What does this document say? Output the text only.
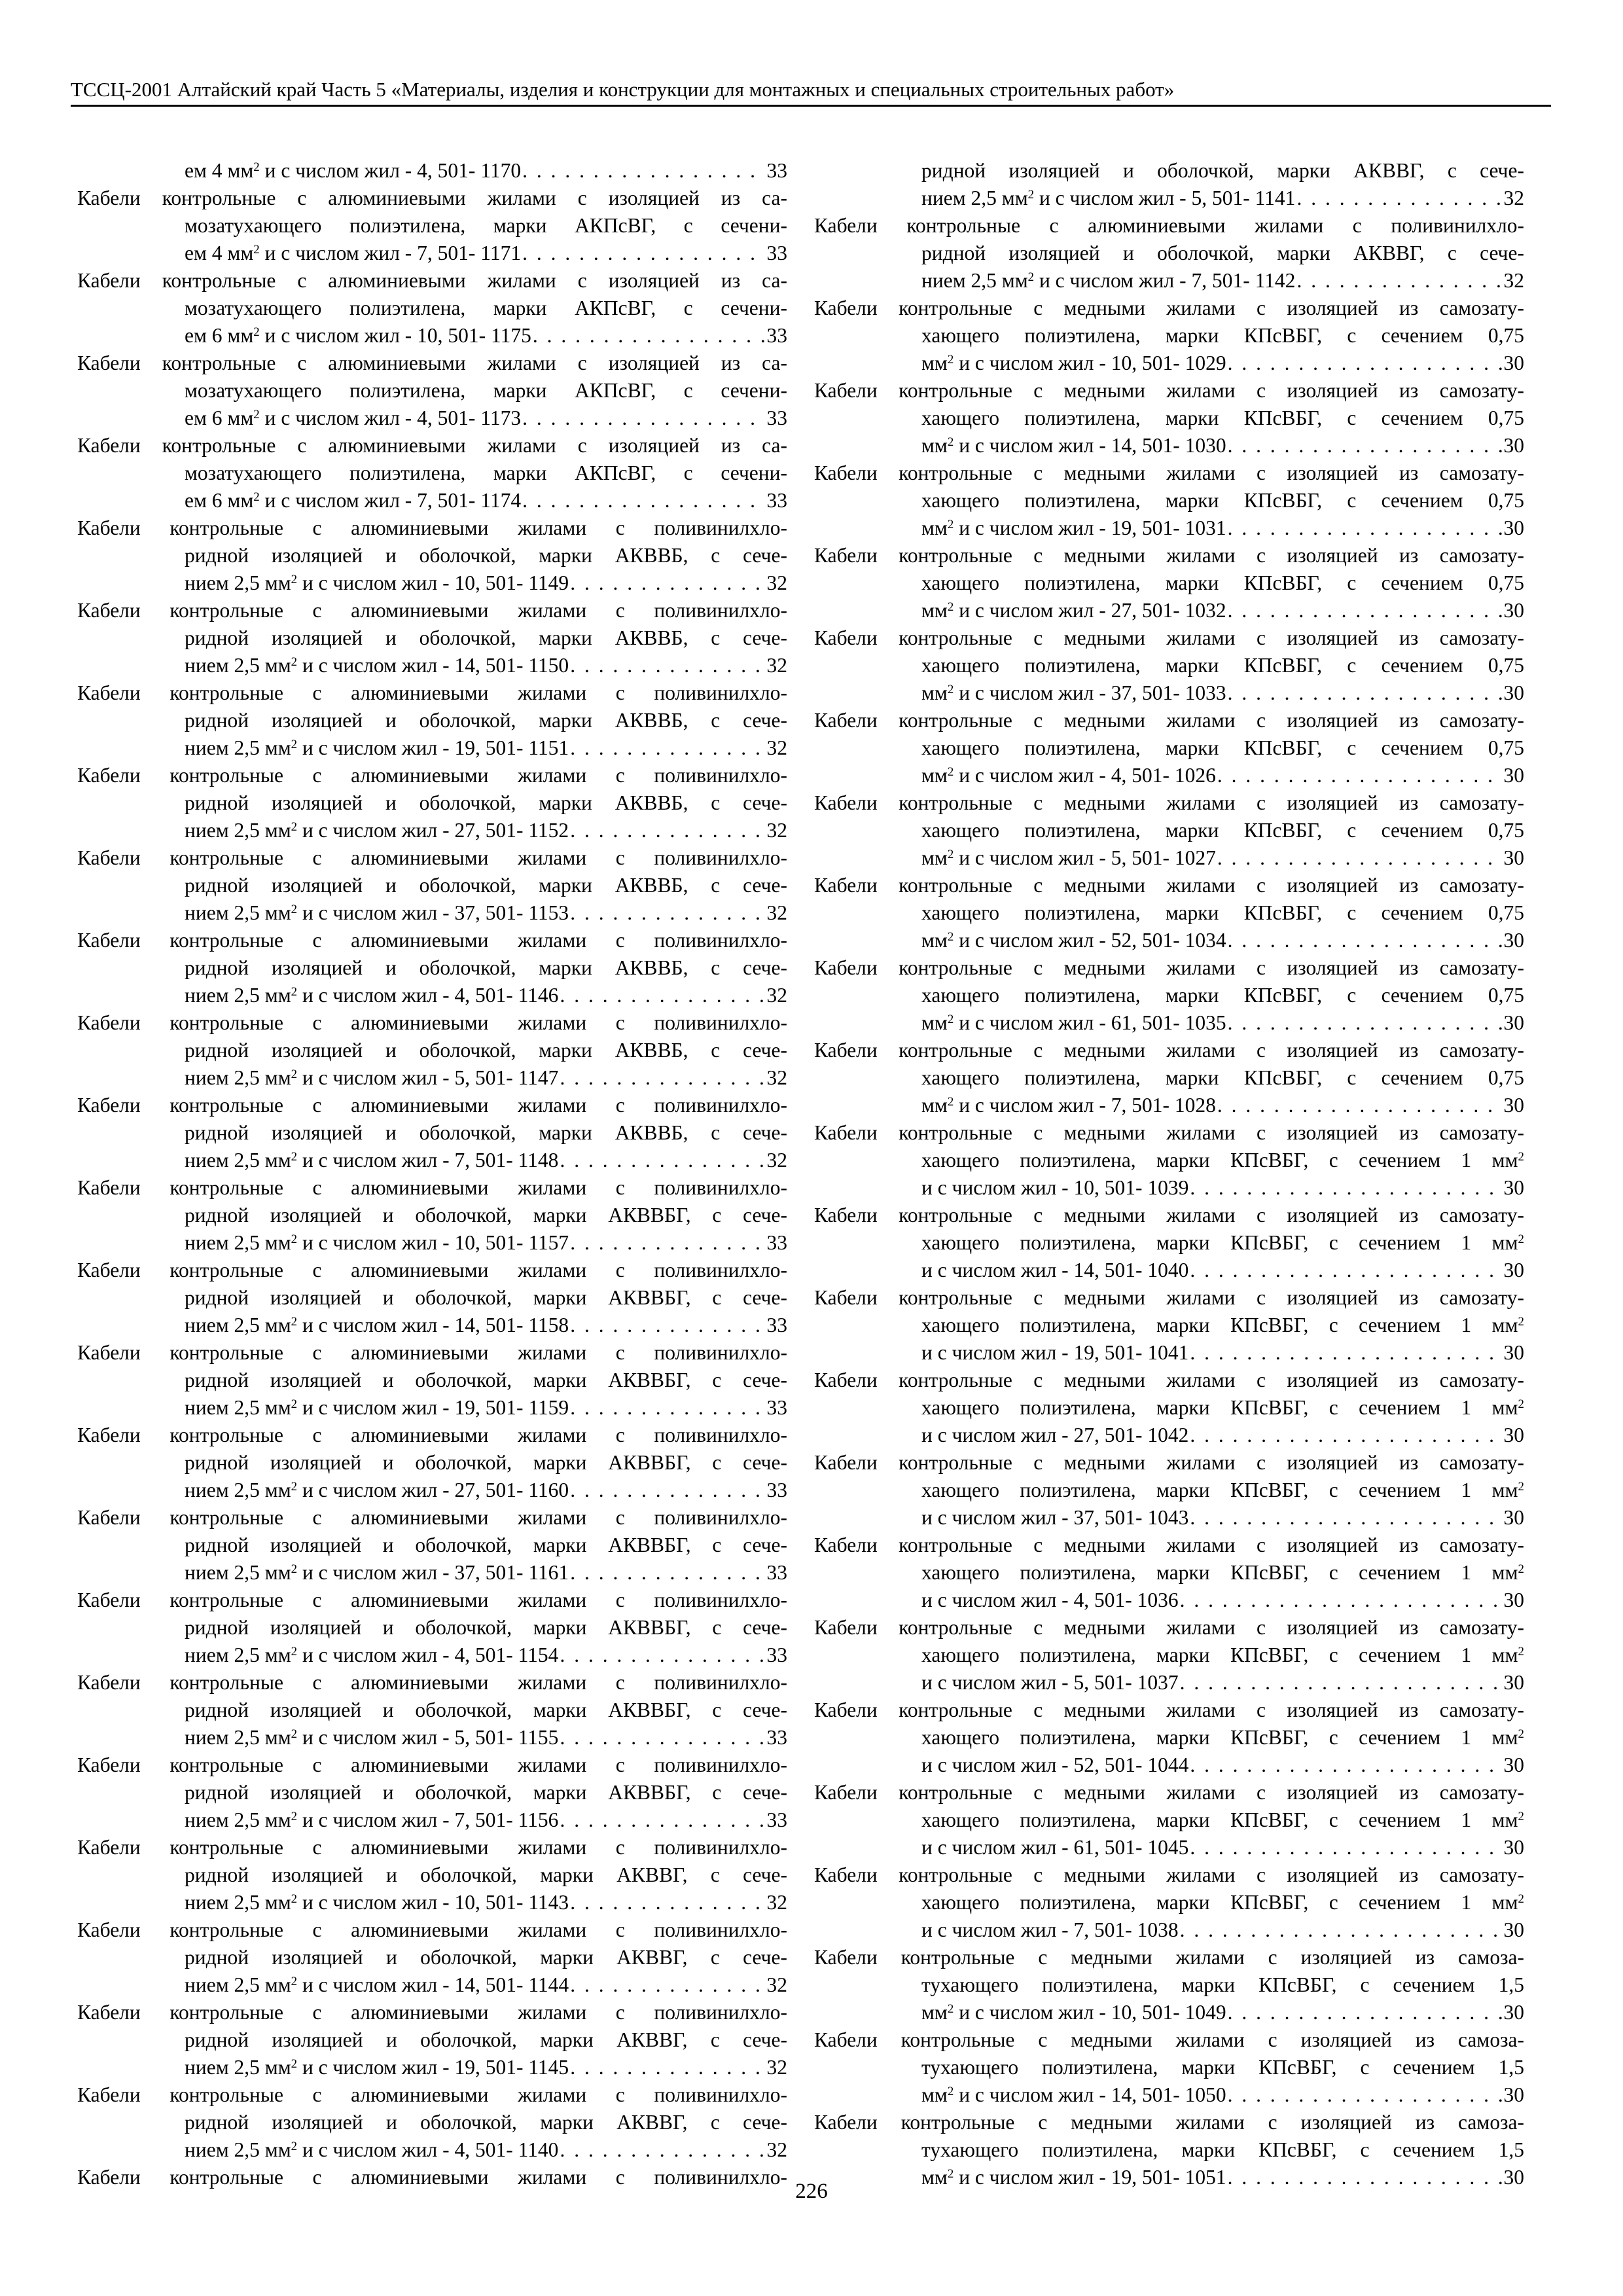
ТССЦ-2001 Алтайский край Часть 5 «Материалы, изделия и конструкции для монтажных и специальных строительных работ»
ем 4 $мм^2$ и с числом жил - 4, 501- 1170 . . .	33
Кабели контрольные с алюминиевыми жилами с изоляцией из са-
мозатухающего полиэтилена, марки АКПсВГ, с сечени-
ем 4 $мм^2$ и с числом жил - 7, 501- 1171 . . .	33
Кабели контрольные с алюминиевыми жилами с изоляцией из са-
мозатухающего полиэтилена, марки АКПсВГ, с сечени-
ем 6 $мм^2$ и с числом жил - 10, 501- 1175 . . .	33
Кабели контрольные с алюминиевыми жилами с изоляцией из са-
мозатухающего полиэтилена, марки АКПсВГ, с сечени-
ем 6 $мм^2$ и с числом жил - 4, 501- 1173 . . .	33
Кабели контрольные с алюминиевыми жилами с изоляцией из са-
мозатухающего полиэтилена, марки АКПсВГ, с сечени-
ем 6 $мм^2$ и с числом жил - 7, 501- 1174 . . .	33
Кабели контрольные с алюминиевыми жилами с поливинилхло-
ридной изоляцией и оболочкой, марки АКВВБ, с сече-
нием 2,5 $мм^2$ и с числом жил - 10, 501- 1149 . . .	32
Кабели контрольные с алюминиевыми жилами с поливинилхло-
ридной изоляцией и оболочкой, марки АКВВБ, с сече-
нием 2,5 $мм^2$ и с числом жил - 14, 501- 1150 . . .	32
Кабели контрольные с алюминиевыми жилами с поливинилхло-
ридной изоляцией и оболочкой, марки АКВВБ, с сече-
нием 2,5 $мм^2$ и с числом жил - 19, 501- 1151 . . .	32
Кабели контрольные с алюминиевыми жилами с поливинилхло-
ридной изоляцией и оболочкой, марки АКВВБ, с сече-
нием 2,5 $мм^2$ и с числом жил - 27, 501- 1152 . . .	32
Кабели контрольные с алюминиевыми жилами с поливинилхло-
ридной изоляцией и оболочкой, марки АКВВБ, с сече-
нием 2,5 $мм^2$ и с числом жил - 37, 501- 1153 . . .	32
Кабели контрольные с алюминиевыми жилами с поливинилхло-
ридной изоляцией и оболочкой, марки АКВВБ, с сече-
нием 2,5 $мм^2$ и с числом жил - 4, 501- 1146 . . .	32
Кабели контрольные с алюминиевыми жилами с поливинилхло-
ридной изоляцией и оболочкой, марки АКВВБ, с сече-
нием 2,5 $мм^2$ и с числом жил - 5, 501- 1147 . . .	32
Кабели контрольные с алюминиевыми жилами с поливинилхло-
ридной изоляцией и оболочкой, марки АКВВБ, с сече-
нием 2,5 $мм^2$ и с числом жил - 7, 501- 1148 . . .	32
Кабели контрольные с алюминиевыми жилами с поливинилхло-
ридной изоляцией и оболочкой, марки АКВВБГ, с сече-
нием 2,5 $мм^2$ и с числом жил - 10, 501- 1157 . . .	33
Кабели контрольные с алюминиевыми жилами с поливинилхло-
ридной изоляцией и оболочкой, марки АКВВБГ, с сече-
нием 2,5 $мм^2$ и с числом жил - 14, 501- 1158 . . .	33
Кабели контрольные с алюминиевыми жилами с поливинилхло-
ридной изоляцией и оболочкой, марки АКВВБГ, с сече-
нием 2,5 $мм^2$ и с числом жил - 19, 501- 1159 . . .	33
Кабели контрольные с алюминиевыми жилами с поливинилхло-
ридной изоляцией и оболочкой, марки АКВВБГ, с сече-
нием 2,5 $мм^2$ и с числом жил - 27, 501- 1160 . . .	33
Кабели контрольные с алюминиевыми жилами с поливинилхло-
ридной изоляцией и оболочкой, марки АКВВБГ, с сече-
нием 2,5 $мм^2$ и с числом жил - 37, 501- 1161 . . .	33
Кабели контрольные с алюминиевыми жилами с поливинилхло-
ридной изоляцией и оболочкой, марки АКВВБГ, с сече-
нием 2,5 $мм^2$ и с числом жил - 4, 501- 1154 . . .	33
Кабели контрольные с алюминиевыми жилами с поливинилхло-
ридной изоляцией и оболочкой, марки АКВВБГ, с сече-
нием 2,5 $мм^2$ и с числом жил - 5, 501- 1155 . . .	33
Кабели контрольные с алюминиевыми жилами с поливинилхло-
ридной изоляцией и оболочкой, марки АКВВБГ, с сече-
нием 2,5 $мм^2$ и с числом жил - 7, 501- 1156 . . .	33
Кабели контрольные с алюминиевыми жилами с поливинилхло-
ридной изоляцией и оболочкой, марки АКВВГ, с сече-
нием 2,5 $мм^2$ и с числом жил - 10, 501- 1143 . . .	32
Кабели контрольные с алюминиевыми жилами с поливинилхло-
ридной изоляцией и оболочкой, марки АКВВГ, с сече-
нием 2,5 $мм^2$ и с числом жил - 14, 501- 1144 . . .	32
Кабели контрольные с алюминиевыми жилами с поливинилхло-
ридной изоляцией и оболочкой, марки АКВВГ, с сече-
нием 2,5 $мм^2$ и с числом жил - 19, 501- 1145 . . .	32
Кабели контрольные с алюминиевыми жилами с поливинилхло-
ридной изоляцией и оболочкой, марки АКВВГ, с сече-
нием 2,5 $мм^2$ и с числом жил - 4, 501- 1140 . . .	32
Кабели контрольные с алюминиевыми жилами с поливинилхло-
ридной изоляцией и оболочкой, марки АКВВГ, с сече-
нием 2,5 $мм^2$ и с числом жил - 5, 501- 1141 . . .	32
Кабели контрольные с алюминиевыми жилами с поливинилхло-
ридной изоляцией и оболочкой, марки АКВВГ, с сече-
нием 2,5 $мм^2$ и с числом жил - 7, 501- 1142 . . .	32
Кабели контрольные с медными жилами с изоляцией из самозату-
хающего полиэтилена, марки КПсВБГ, с сечением 0,75
$мм^2$ и с числом жил - 10, 501- 1029 . . .	30
Кабели контрольные с медными жилами с изоляцией из самозату-
хающего полиэтилена, марки КПсВБГ, с сечением 0,75
$мм^2$ и с числом жил - 14, 501- 1030 . . .	30
Кабели контрольные с медными жилами с изоляцией из самозату-
хающего полиэтилена, марки КПсВБГ, с сечением 0,75
$мм^2$ и с числом жил - 19, 501- 1031 . . .	30
Кабели контрольные с медными жилами с изоляцией из самозату-
хающего полиэтилена, марки КПсВБГ, с сечением 0,75
$мм^2$ и с числом жил - 27, 501- 1032 . . .	30
Кабели контрольные с медными жилами с изоляцией из самозату-
хающего полиэтилена, марки КПсВБГ, с сечением 0,75
$мм^2$ и с числом жил - 37, 501- 1033 . . .	30
Кабели контрольные с медными жилами с изоляцией из самозату-
хающего полиэтилена, марки КПсВБГ, с сечением 0,75
$мм^2$ и с числом жил - 4, 501- 1026 . . .	30
Кабели контрольные с медными жилами с изоляцией из самозату-
хающего полиэтилена, марки КПсВБГ, с сечением 0,75
$мм^2$ и с числом жил - 5, 501- 1027 . . .	30
Кабели контрольные с медными жилами с изоляцией из самозату-
хающего полиэтилена, марки КПсВБГ, с сечением 0,75
$мм^2$ и с числом жил - 52, 501- 1034 . . .	30
Кабели контрольные с медными жилами с изоляцией из самозату-
хающего полиэтилена, марки КПсВБГ, с сечением 0,75
$мм^2$ и с числом жил - 61, 501- 1035 . . .	30
Кабели контрольные с медными жилами с изоляцией из самозату-
хающего полиэтилена, марки КПсВБГ, с сечением 0,75
$мм^2$ и с числом жил - 7, 501- 1028 . . .	30
Кабели контрольные с медными жилами с изоляцией из самозату-
хающего полиэтилена, марки КПсВБГ, с сечением 1 $мм^2$
и с числом жил - 10, 501- 1039 . . .	30
Кабели контрольные с медными жилами с изоляцией из самозату-
хающего полиэтилена, марки КПсВБГ, с сечением 1 $мм^2$
и с числом жил - 14, 501- 1040 . . .	30
Кабели контрольные с медными жилами с изоляцией из самозату-
хающего полиэтилена, марки КПсВБГ, с сечением 1 $мм^2$
и с числом жил - 19, 501- 1041 . . .	30
Кабели контрольные с медными жилами с изоляцией из самозату-
хающего полиэтилена, марки КПсВБГ, с сечением 1 $мм^2$
и с числом жил - 27, 501- 1042 . . .	30
Кабели контрольные с медными жилами с изоляцией из самозату-
хающего полиэтилена, марки КПсВБГ, с сечением 1 $мм^2$
и с числом жил - 37, 501- 1043 . . .	30
Кабели контрольные с медными жилами с изоляцией из самозату-
хающего полиэтилена, марки КПсВБГ, с сечением 1 $мм^2$
и с числом жил - 4, 501- 1036 . . .	30
Кабели контрольные с медными жилами с изоляцией из самозату-
хающего полиэтилена, марки КПсВБГ, с сечением 1 $мм^2$
и с числом жил - 5, 501- 1037 . . .	30
Кабели контрольные с медными жилами с изоляцией из самозату-
хающего полиэтилена, марки КПсВБГ, с сечением 1 $мм^2$
и с числом жил - 52, 501- 1044 . . .	30
Кабели контрольные с медными жилами с изоляцией из самозату-
хающего полиэтилена, марки КПсВБГ, с сечением 1 $мм^2$
и с числом жил - 61, 501- 1045 . . .	30
Кабели контрольные с медными жилами с изоляцией из самозату-
хающего полиэтилена, марки КПсВБГ, с сечением 1 $мм^2$
и с числом жил - 7, 501- 1038 . . .	30
Кабели контрольные с медными жилами с изоляцией из самоза-
тухающего полиэтилена, марки КПсВБГ, с сечением 1,5
$мм^2$ и с числом жил - 10, 501- 1049 . . .	30
Кабели контрольные с медными жилами с изоляцией из самоза-
тухающего полиэтилена, марки КПсВБГ, с сечением 1,5
$мм^2$ и с числом жил - 14, 501- 1050 . . .	30
Кабели контрольные с медными жилами с изоляцией из самоза-
тухающего полиэтилена, марки КПсВБГ, с сечением 1,5
$мм^2$ и с числом жил - 19, 501- 1051 . . .	30
226
